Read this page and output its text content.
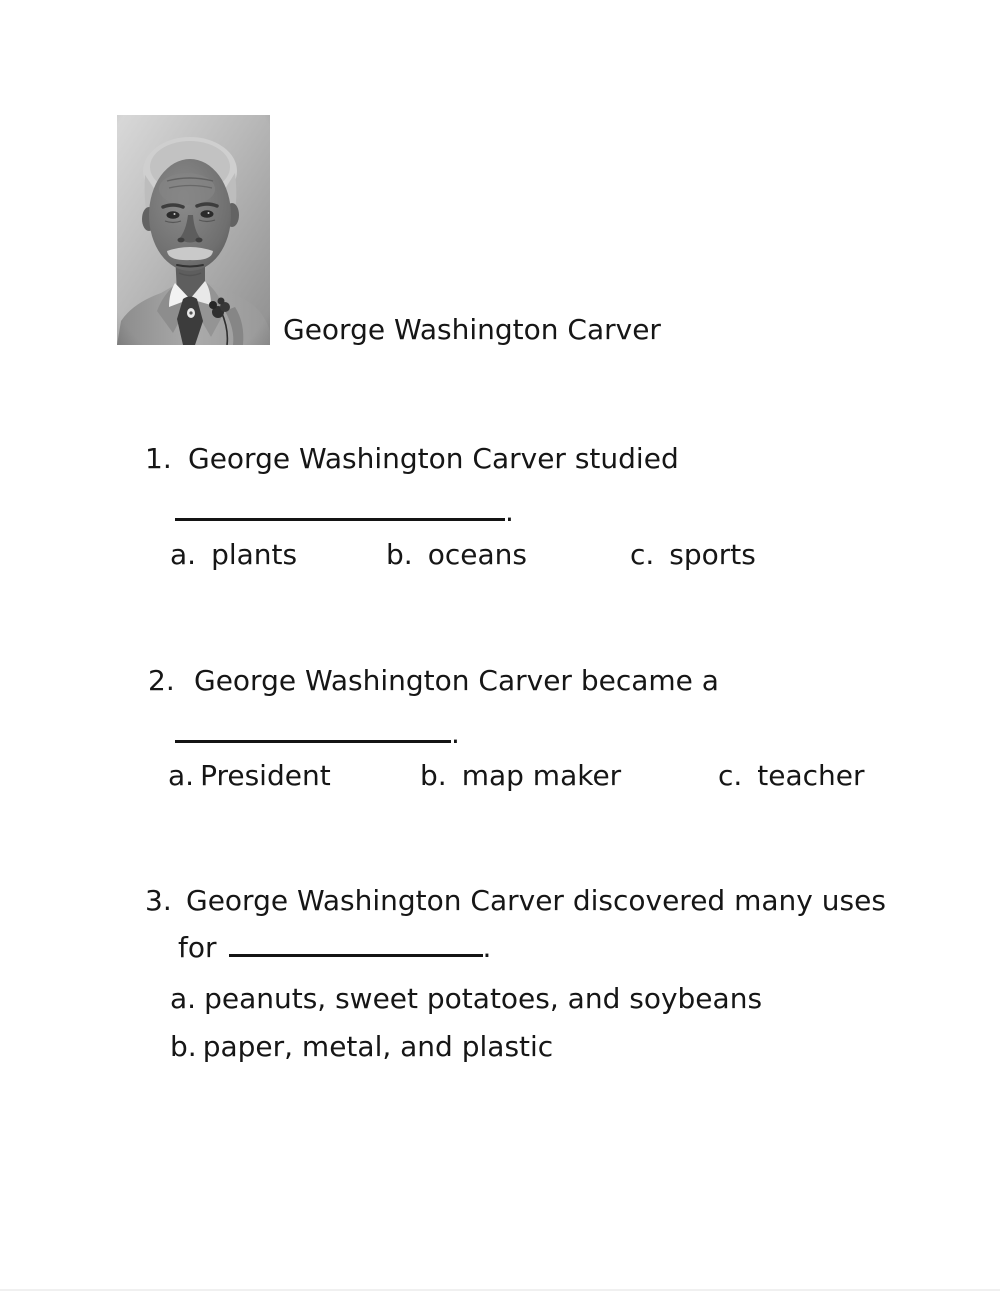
George Washington Carver
1. George Washington Carver studied
.
a. plants	b. oceans	c. sports
2. George Washington Carver became a
.
a. President	b. map maker	c. teacher
3. George Washington Carver discovered many uses
for	.
a. peanuts, sweet potatoes, and soybeans
b. paper, metal, and plastic
